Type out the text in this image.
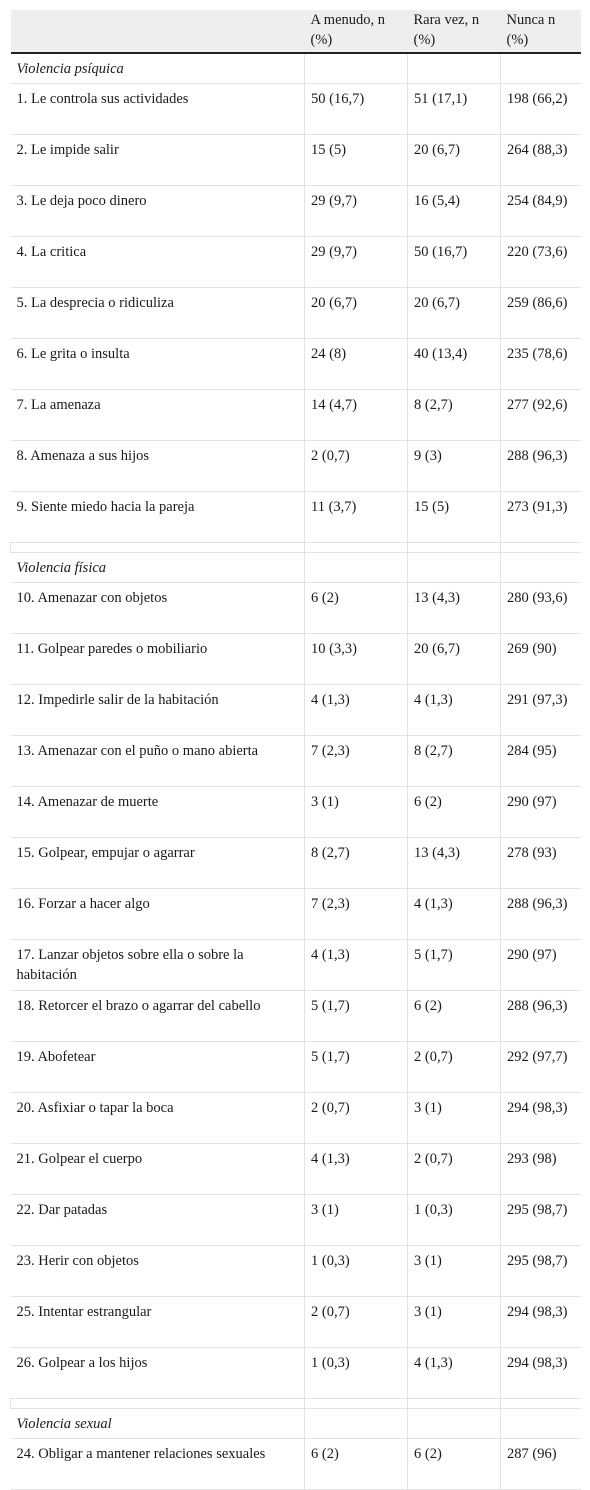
	A menudo, n (%)	Rara vez, n (%)	Nunca n (%)
Violencia psíquica			
1. Le controla sus actividades	50 (16,7)	51 (17,1)	198 (66,2)
2. Le impide salir	15 (5)	20 (6,7)	264 (88,3)
3. Le deja poco dinero	29 (9,7)	16 (5,4)	254 (84,9)
4. La critica	29 (9,7)	50 (16,7)	220 (73,6)
5. La desprecia o ridiculiza	20 (6,7)	20 (6,7)	259 (86,6)
6. Le grita o insulta	24 (8)	40 (13,4)	235 (78,6)
7. La amenaza	14 (4,7)	8 (2,7)	277 (92,6)
8. Amenaza a sus hijos	2 (0,7)	9 (3)	288 (96,3)
9. Siente miedo hacia la pareja	11 (3,7)	15 (5)	273 (91,3)

Violencia física			
10. Amenazar con objetos	6 (2)	13 (4,3)	280 (93,6)
11. Golpear paredes o mobiliario	10 (3,3)	20 (6,7)	269 (90)
12. Impedirle salir de la habitación	4 (1,3)	4 (1,3)	291 (97,3)
13. Amenazar con el puño o mano abierta	7 (2,3)	8 (2,7)	284 (95)
14. Amenazar de muerte	3 (1)	6 (2)	290 (97)
15. Golpear, empujar o agarrar	8 (2,7)	13 (4,3)	278 (93)
16. Forzar a hacer algo	7 (2,3)	4 (1,3)	288 (96,3)
17. Lanzar objetos sobre ella o sobre la habitación	4 (1,3)	5 (1,7)	290 (97)
18. Retorcer el brazo o agarrar del cabello	5 (1,7)	6 (2)	288 (96,3)
19. Abofetear	5 (1,7)	2 (0,7)	292 (97,7)
20. Asfixiar o tapar la boca	2 (0,7)	3 (1)	294 (98,3)
21. Golpear el cuerpo	4 (1,3)	2 (0,7)	293 (98)
22. Dar patadas	3 (1)	1 (0,3)	295 (98,7)
23. Herir con objetos	1 (0,3)	3 (1)	295 (98,7)
25. Intentar estrangular	2 (0,7)	3 (1)	294 (98,3)
26. Golpear a los hijos	1 (0,3)	4 (1,3)	294 (98,3)

Violencia sexual			
24. Obligar a mantener relaciones sexuales	6 (2)	6 (2)	287 (96)
